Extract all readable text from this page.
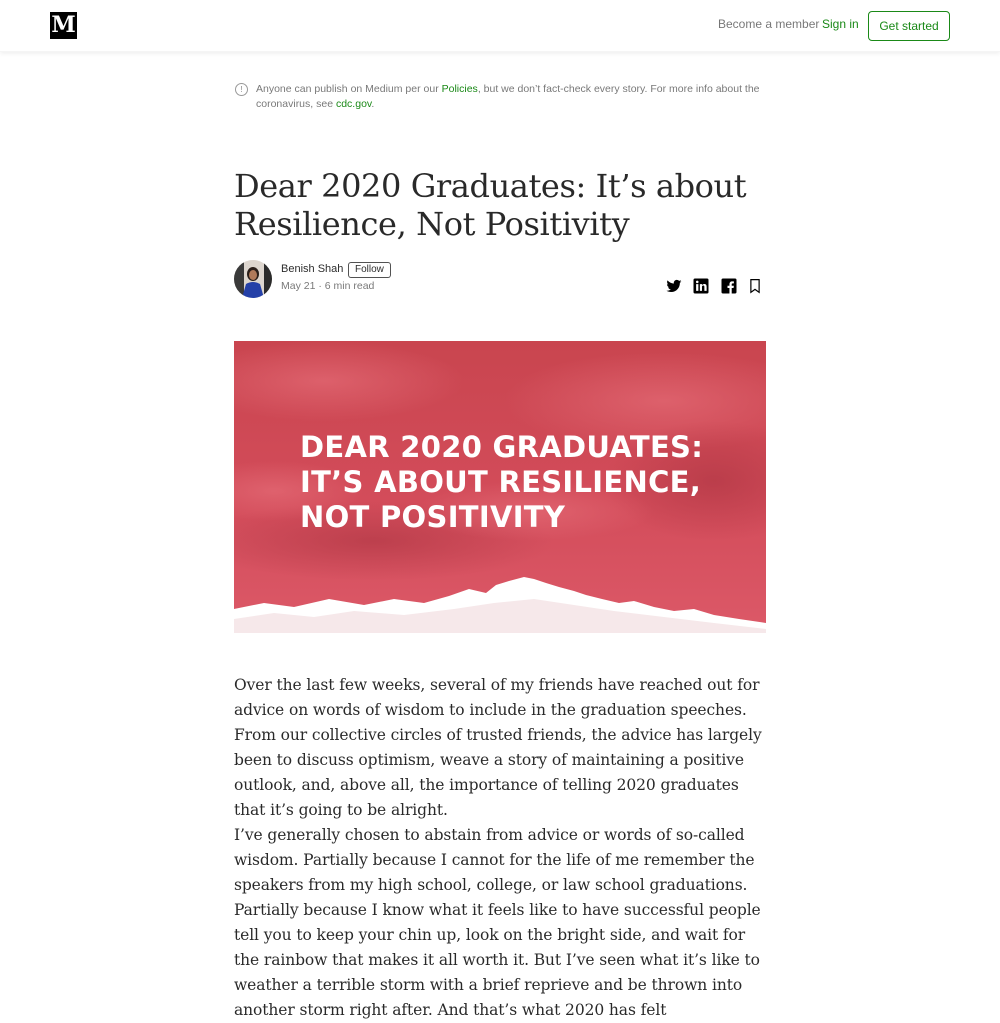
M	Become a member Sign in	Get started
!	Anyone can publish on Medium per our Policies, but we don’t fact-check every story. For more info about the coronavirus, see cdc.gov.
Dear 2020 Graduates: It’s about Resilience, Not Positivity
Benish Shah	Follow
May 21 · 6 min read
DEAR 2020 GRADUATES:
IT’S ABOUT RESILIENCE,
NOT POSITIVITY

Over the last few weeks, several of my friends have reached out for advice on words of wisdom to include in the graduation speeches. From our collective circles of trusted friends, the advice has largely been to discuss optimism, weave a story of maintaining a positive outlook, and, above all, the importance of telling 2020 graduates that it’s going to be alright.

I’ve generally chosen to abstain from advice or words of so-called wisdom. Partially because I cannot for the life of me remember the speakers from my high school, college, or law school graduations. Partially because I know what it feels like to have successful people tell you to keep your chin up, look on the bright side, and wait for the rainbow that makes it all worth it. But I’ve seen what it’s like to weather a terrible storm with a brief reprieve and be thrown into another storm right after. And that’s what 2020 has felt
